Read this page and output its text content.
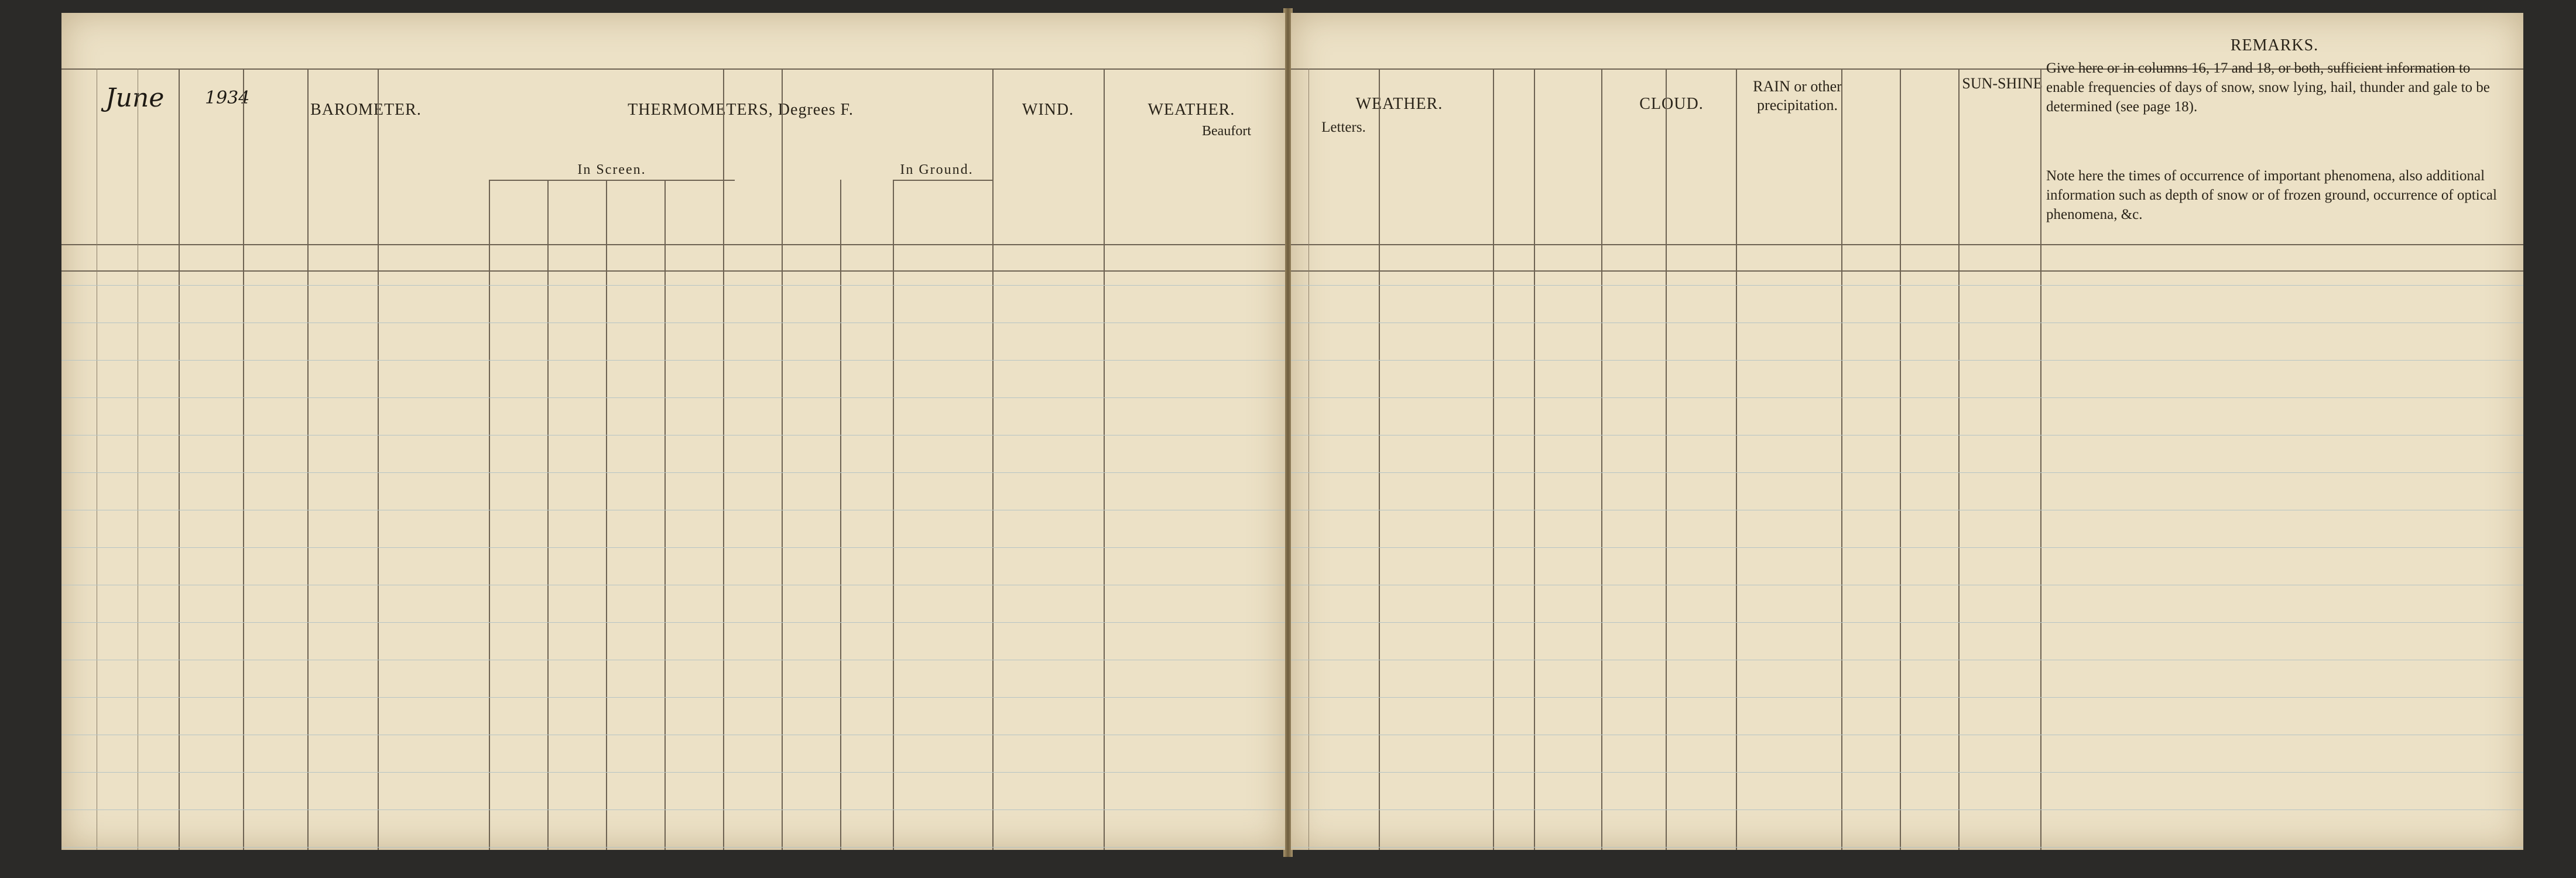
June 1934
BAROMETER.	THERMOMETERS, Degrees F.	WIND.	WEATHER.
Beaufort
In Screen.	In Ground.
WEATHER.
Letters.
CLOUD.
RAIN or other precipitation.
SUN-SHINE
REMARKS.
Give here or in columns 16, 17 and 18, or both, sufficient information to enable frequencies of days of snow, snow lying, hail, thunder and gale to be determined (see page 18).
Note here the times of occurrence of important phenomena, also additional information such as depth of snow or of frozen ground, occurrence of optical phenomena, &c.
